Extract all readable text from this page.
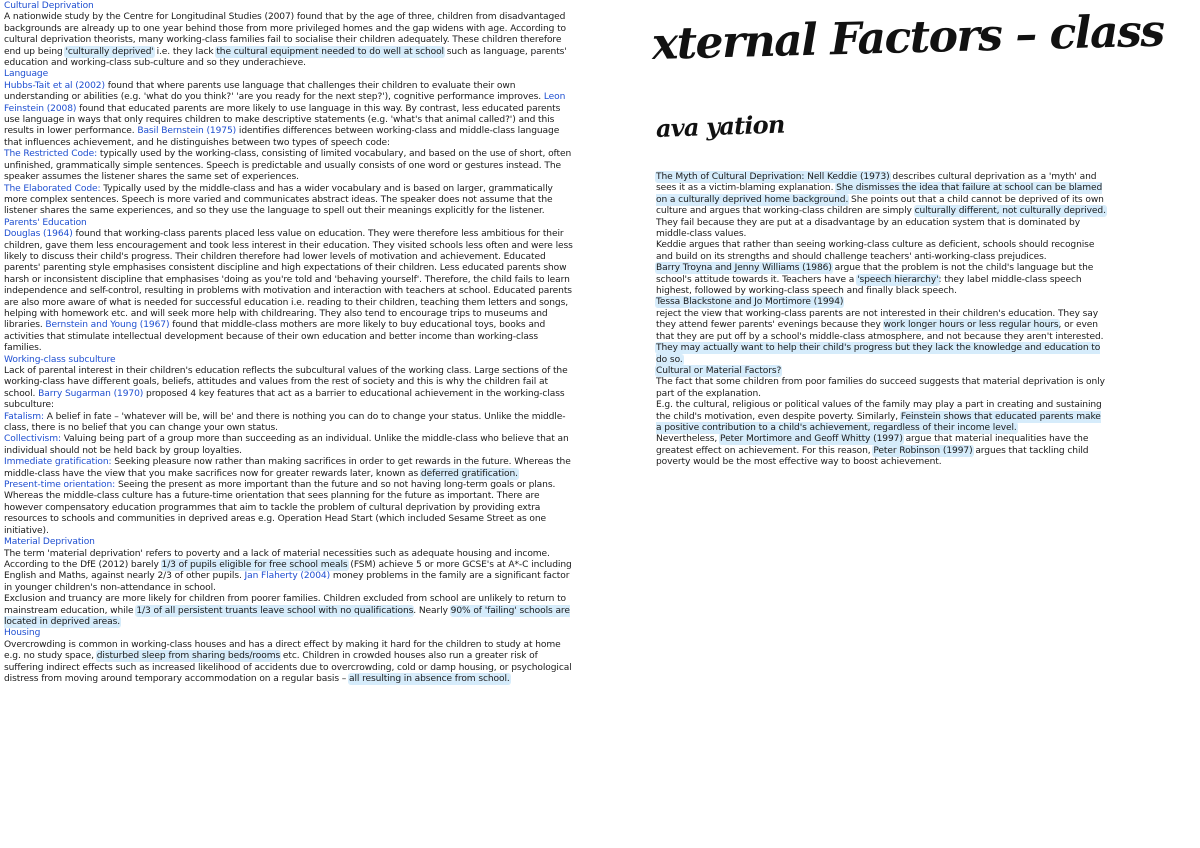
Cultural Deprivation

A nationwide study by the Centre for Longitudinal Studies (2007) found that by the age of three, children from disadvantaged backgrounds are already up to one year behind those from more privileged homes and the gap widens with age. According to cultural deprivation theorists, many working-class families fail to socialise their children adequately. These children therefore end up being 'culturally deprived' i.e. they lack the cultural equipment needed to do well at school such as language, parents' education and working-class sub-culture and so they underachieve.

Language

Hubbs-Tait et al (2002) found that where parents use language that challenges their children to evaluate their own understanding or abilities (e.g. 'what do you think?' 'are you ready for the next step?'), cognitive performance improves. Leon Feinstein (2008) found that educated parents are more likely to use language in this way. By contrast, less educated parents use language in ways that only requires children to make descriptive statements (e.g. 'what's that animal called?') and this results in lower performance. Basil Bernstein (1975) identifies differences between working-class and middle-class language that influences achievement, and he distinguishes between two types of speech code:

The Restricted Code: typically used by the working-class, consisting of limited vocabulary, and based on the use of short, often unfinished, grammatically simple sentences. Speech is predictable and usually consists of one word or gestures instead. The speaker assumes the listener shares the same set of experiences.

The Elaborated Code: Typically used by the middle-class and has a wider vocabulary and is based on larger, grammatically more complex sentences. Speech is more varied and communicates abstract ideas. The speaker does not assume that the listener shares the same experiences, and so they use the language to spell out their meanings explicitly for the listener.

Parents' Education

Douglas (1964) found that working-class parents placed less value on education. They were therefore less ambitious for their children, gave them less encouragement and took less interest in their education. They visited schools less often and were less likely to discuss their child's progress. Their children therefore had lower levels of motivation and achievement. Educated parents' parenting style emphasises consistent discipline and high expectations of their children. Less educated parents show harsh or inconsistent discipline that emphasises 'doing as you're told and 'behaving yourself'. Therefore, the child fails to learn independence and self-control, resulting in problems with motivation and interaction with teachers at school. Educated parents are also more aware of what is needed for successful education i.e. reading to their children, teaching them letters and songs, helping with homework etc. and will seek more help with childrearing. They also tend to encourage trips to museums and libraries. Bernstein and Young (1967) found that middle-class mothers are more likely to buy educational toys, books and activities that stimulate intellectual development because of their own education and better income than working-class families.

Working-class subculture

Lack of parental interest in their children's education reflects the subcultural values of the working class. Large sections of the working-class have different goals, beliefs, attitudes and values from the rest of society and this is why the children fail at school. Barry Sugarman (1970) proposed 4 key features that act as a barrier to educational achievement in the working-class subculture:

Fatalism: A belief in fate – 'whatever will be, will be' and there is nothing you can do to change your status. Unlike the middle-class, there is no belief that you can change your own status.

Collectivism: Valuing being part of a group more than succeeding as an individual. Unlike the middle-class who believe that an individual should not be held back by group loyalties.

Immediate gratification: Seeking pleasure now rather than making sacrifices in order to get rewards in the future. Whereas the middle-class have the view that you make sacrifices now for greater rewards later, known as deferred gratification.

Present-time orientation: Seeing the present as more important than the future and so not having long-term goals or plans. Whereas the middle-class culture has a future-time orientation that sees planning for the future as important. There are however compensatory education programmes that aim to tackle the problem of cultural deprivation by providing extra resources to schools and communities in deprived areas e.g. Operation Head Start (which included Sesame Street as one initiative).

Material Deprivation

The term 'material deprivation' refers to poverty and a lack of material necessities such as adequate housing and income.

According to the DfE (2012) barely 1/3 of pupils eligible for free school meals (FSM) achieve 5 or more GCSE's at A*-C including English and Maths, against nearly 2/3 of other pupils. Jan Flaherty (2004) money problems in the family are a significant factor in younger children's non-attendance in school.

Exclusion and truancy are more likely for children from poorer families. Children excluded from school are unlikely to return to mainstream education, while 1/3 of all persistent truants leave school with no qualifications. Nearly 90% of 'failing' schools are located in deprived areas.

Housing

Overcrowding is common in working-class houses and has a direct effect by making it hard for the children to study at home e.g. no study space, disturbed sleep from sharing beds/rooms etc. Children in crowded houses also run a greater risk of suffering indirect effects such as increased likelihood of accidents due to overcrowding, cold or damp housing, or psychological distress from moving around temporary accommodation on a regular basis – all resulting in absence from school.

xternal Factors – class
ava yation

The Myth of Cultural Deprivation: Nell Keddie (1973) describes cultural deprivation as a 'myth' and sees it as a victim-blaming explanation. She dismisses the idea that failure at school can be blamed on a culturally deprived home background. She points out that a child cannot be deprived of its own culture and argues that working-class children are simply culturally different, not culturally deprived.

They fail because they are put at a disadvantage by an education system that is dominated by middle-class values.

Keddie argues that rather than seeing working-class culture as deficient, schools should recognise and build on its strengths and should challenge teachers' anti-working-class prejudices.

Barry Troyna and Jenny Williams (1986) argue that the problem is not the child's language but the school's attitude towards it. Teachers have a 'speech hierarchy': they label middle-class speech highest, followed by working-class speech and finally black speech.

Tessa Blackstone and Jo Mortimore (1994)

reject the view that working-class parents are not interested in their children's education. They say they attend fewer parents' evenings because they work longer hours or less regular hours, or even that they are put off by a school's middle-class atmosphere, and not because they aren't interested. They may actually want to help their child's progress but they lack the knowledge and education to do so.

Cultural or Material Factors?

The fact that some children from poor families do succeed suggests that material deprivation is only part of the explanation.

E.g. the cultural, religious or political values of the family may play a part in creating and sustaining the child's motivation, even despite poverty. Similarly, Feinstein shows that educated parents make a positive contribution to a child's achievement, regardless of their income level.

Nevertheless, Peter Mortimore and Geoff Whitty (1997) argue that material inequalities have the greatest effect on achievement. For this reason, Peter Robinson (1997) argues that tackling child poverty would be the most effective way to boost achievement.
